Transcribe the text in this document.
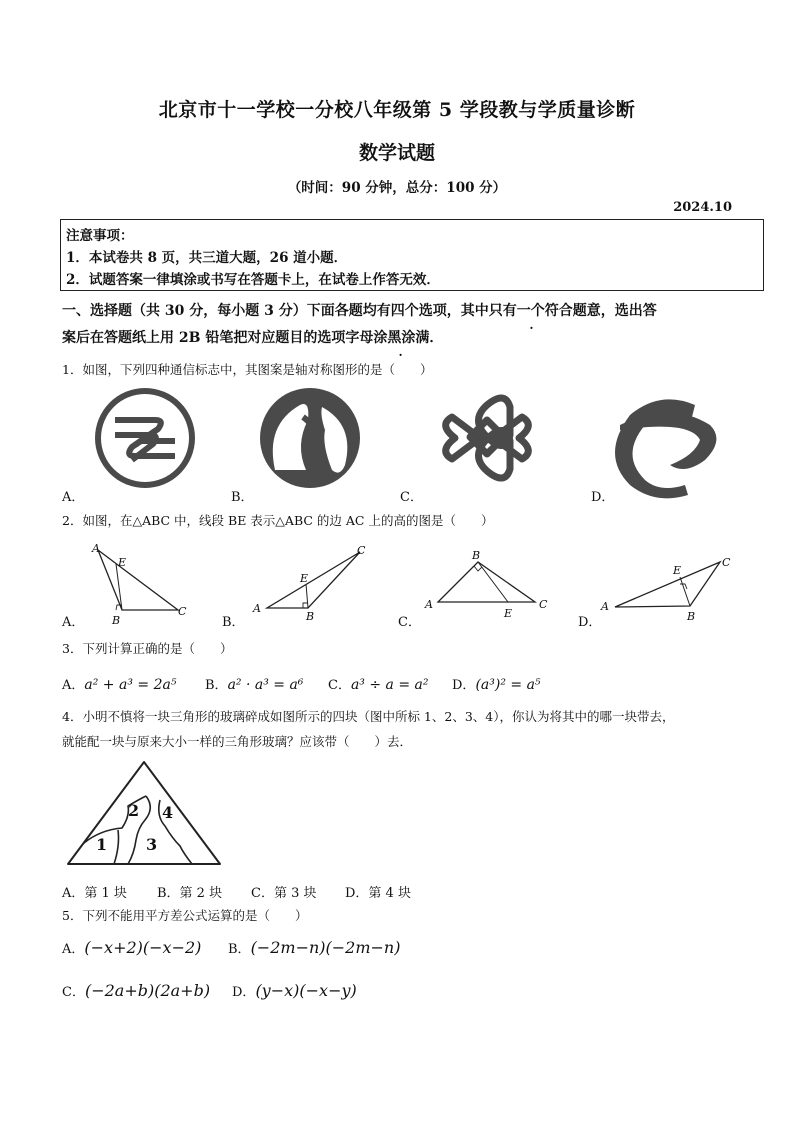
北京市十一学校一分校八年级第 5 学段教与学质量诊断
数学试题
（时间：90 分钟，总分：100 分）
2024.10
注意事项：
1．本试卷共 8 页，共三道大题，26 道小题．
2．试题答案一律填涂或书写在答题卡上，在试卷上作答无效．
一、选择题（共 30 分，每小题 3 分）下面各题均有四个选项，其中只有一个符合题意，选出答
案后在答题纸上用 2B 铅笔把对应题目的选项字母涂黑涂满．
1．如图，下列四种通信标志中，其图案是轴对称图形的是（　　）
A．	B．	C．	D．
2．如图，在△ABC 中，线段 BE 表示△ABC 的边 AC 上的高的图是（　　）
A
B
C
E
A
B
C
E
A
B
C
E
A
B
C
E
A．	B．	C．	D．
3．下列计算正确的是（　　）
A．a² + a³ = 2a⁵ B．a² · a³ = a⁶ C．a³ ÷ a = a² D．(a³)² = a⁵
4．小明不慎将一块三角形的玻璃碎成如图所示的四块（图中所标 1、2、3、4），你认为将其中的哪一块带去，
就能配一块与原来大小一样的三角形玻璃？应该带（　　）去．
1
2
3
4
A．第 1 块 B．第 2 块 C．第 3 块 D．第 4 块
5．下列不能用平方差公式运算的是（　　）
A．(−x+2)(−x−2) B．(−2m−n)(−2m−n)
C．(−2a+b)(2a+b) D．(y−x)(−x−y)
